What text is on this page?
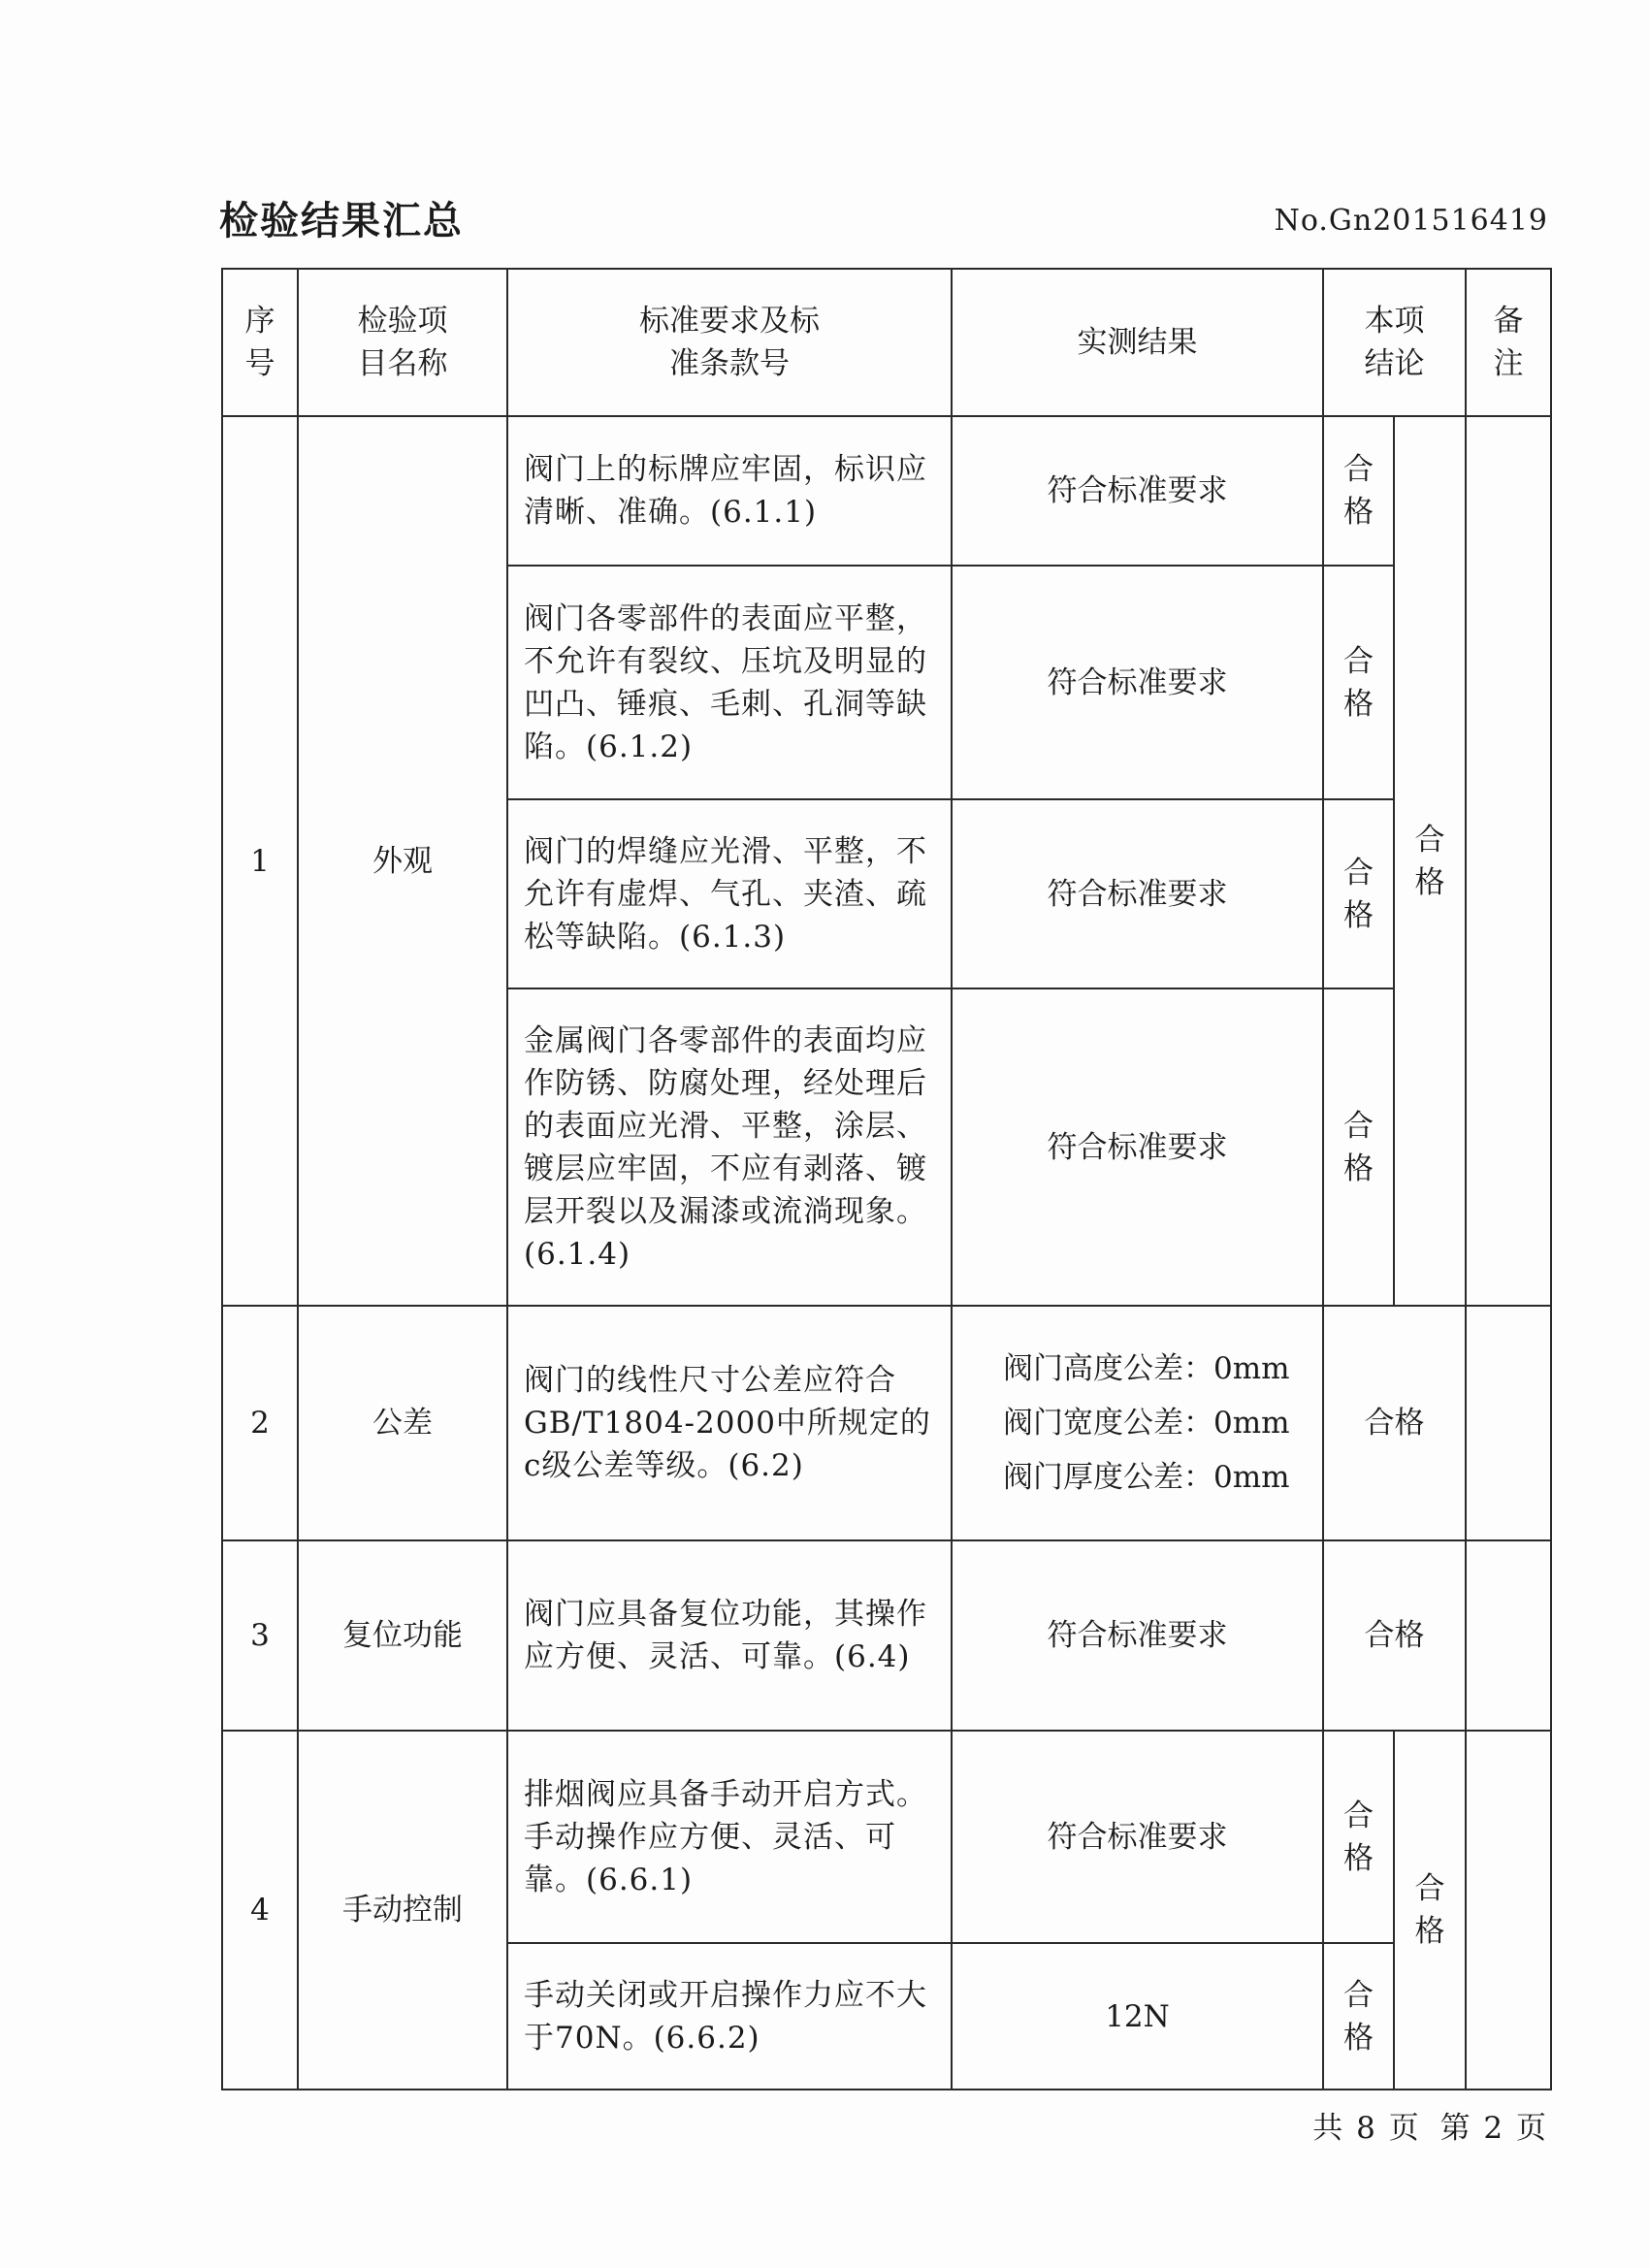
检验结果汇总	No.Gn201516419
序号	检验项目名称	标准要求及标准条款号	实测结果	本项结论		备注

1	外观	阀门上的标牌应牢固，标识应清晰、准确。(6.1.1)	符合标准要求	合格	合格	

		阀门各零部件的表面应平整，不允许有裂纹、压坑及明显的凹凸、锤痕、毛刺、孔洞等缺陷。(6.1.2)	符合标准要求	合格		

		阀门的焊缝应光滑、平整，不允许有虚焊、气孔、夹渣、疏松等缺陷。(6.1.3)	符合标准要求	合格		

		金属阀门各零部件的表面均应作防锈、防腐处理，经处理后的表面应光滑、平整，涂层、镀层应牢固，不应有剥落、镀层开裂以及漏漆或流淌现象。(6.1.4)	符合标准要求	合格		

2	公差	阀门的线性尺寸公差应符合GB/T1804-2000中所规定的c级公差等级。(6.2)	阀门高度公差：0mm
阀门宽度公差：0mm
阀门厚度公差：0mm	合格		
3	复位功能	阀门应具备复位功能，其操作应方便、灵活、可靠。(6.4)	符合标准要求	合格		
4	手动控制	排烟阀应具备手动开启方式。手动操作应方便、灵活、可靠。(6.6.1)	符合标准要求	合格	合格	

		手动关闭或开启操作力应不大于70N。(6.6.2)	12N	合格		
共 8 页 第 2 页
